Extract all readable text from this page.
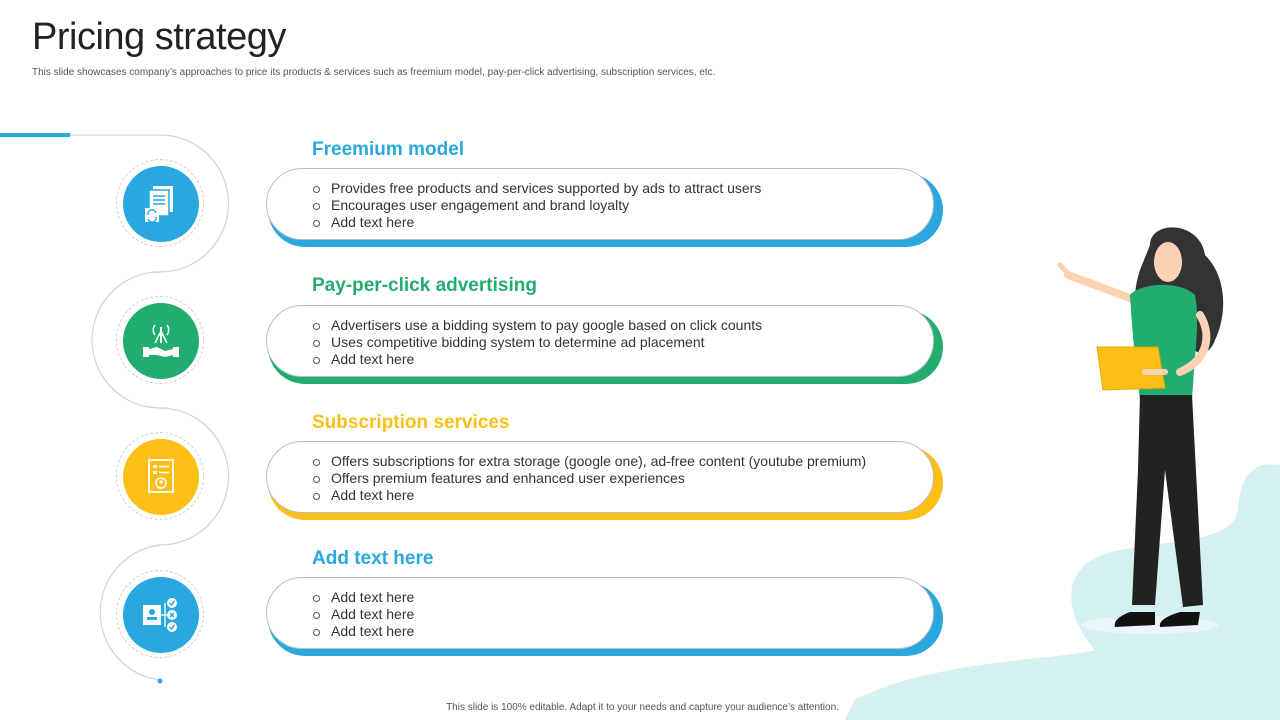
Pricing strategy
This slide showcases company’s approaches to price its products & services such as freemium model, pay-per-click advertising, subscription services, etc.
Freemium model
Provides free products and services supported by ads to attract users
Encourages user engagement and brand loyalty
Add text here
Pay-per-click advertising
Advertisers use a bidding system to pay google based on click counts
Uses competitive bidding system to determine ad placement
Add text here
Subscription services
Offers subscriptions for extra storage (google one), ad-free content (youtube premium)
Offers premium features and enhanced user experiences
Add text here
Add text here
Add text here
Add text here
Add text here
This slide is 100% editable. Adapt it to your needs and capture your audience’s attention.
